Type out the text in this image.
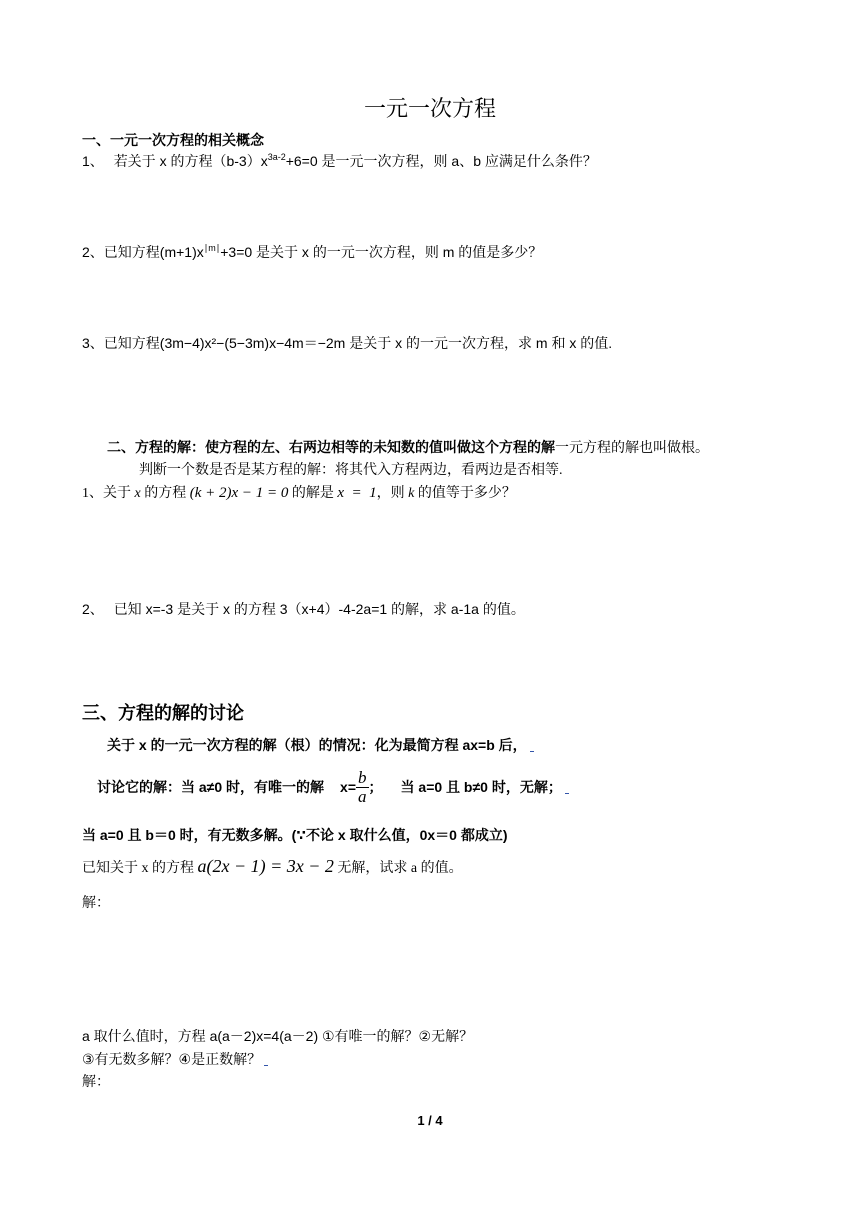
一元一次方程
一、一元一次方程的相关概念
1、 若关于 x 的方程$(b-3)x^{3a-2}+6=0$ 是一元一次方程，则 a、b 应满足什么条件？
2、已知方程$(m+1)x^{∣m∣}+3=0$ 是关于 x 的一元一次方程，则 m 的值是多少？
3、已知方程(3m−4)x²−(5−3m)x−4m＝−2m 是关于 x 的一元一次方程，求 m 和 x 的值.
二、方程的解：使方程的左、右两边相等的未知数的值叫做这个方程的解一元方程的解也叫做根。
判断一个数是否是某方程的解：将其代入方程两边，看两边是否相等.
1、关于 x 的方程 (k + 2)x − 1 = 0 的解是 x  =  1，则 k 的值等于多少？
2、 已知 x=-3 是关于 x 的方程 3（x+4）-4-2a=1 的解，求 a-1a 的值。
三、方程的解的讨论
关于 x 的一元一次方程的解（根）的情况：化为最简方程 ax=b 后，
讨论它的解：当 a≠0 时，有唯一的解 $x= \frac{b}{a}$ ； 当 a=0 且 b≠0 时，无解；
当 a=0 且 b＝0 时，有无数多解。(∵不论 x 取什么值，0x＝0 都成立)
已知关于 x 的方程 a(2x − 1) = 3x − 2 无解，试求 a 的值。
解：
a 取什么值时，方程 a(a－2)x=4(a－2) ①有唯一的解？②无解？
③有无数多解？④是正数解？
解：
1 / 4
